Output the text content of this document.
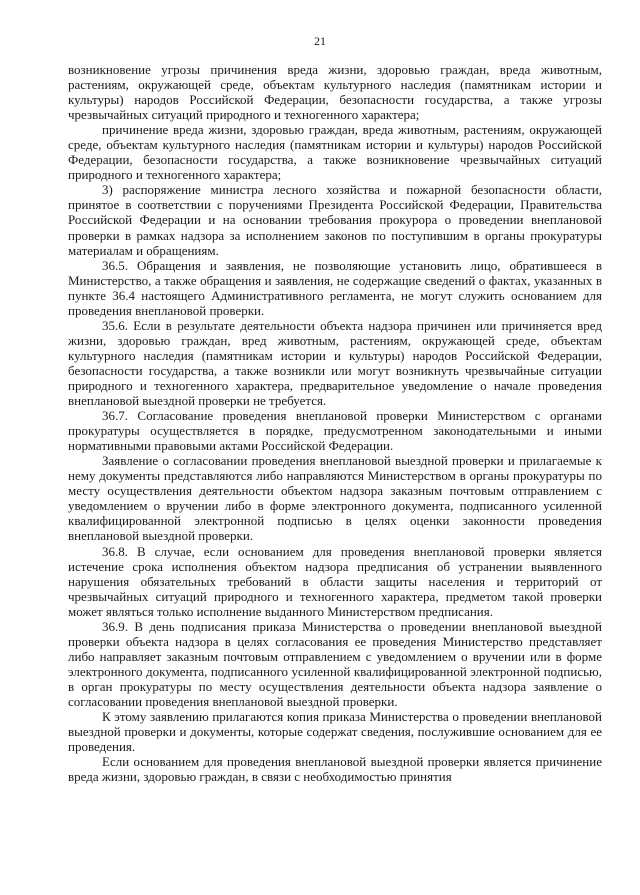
21

возникновение угрозы причинения вреда жизни, здоровью граждан, вреда животным, растениям, окружающей среде, объектам культурного наследия (памятникам истории и культуры) народов Российской Федерации, безопасности государства, а также угрозы чрезвычайных ситуаций природного и техногенного характера;

причинение вреда жизни, здоровью граждан, вреда животным, растениям, окружающей среде, объектам культурного наследия (памятникам истории и культуры) народов Российской Федерации, безопасности государства, а также возникновение чрезвычайных ситуаций природного и техногенного характера;

3) распоряжение министра лесного хозяйства и пожарной безопасности области, принятое в соответствии с поручениями Президента Российской Федерации, Правительства Российской Федерации и на основании требования прокурора о проведении внеплановой проверки в рамках надзора за исполнением законов по поступившим в органы прокуратуры материалам и обращениям.

36.5. Обращения и заявления, не позволяющие установить лицо, обратившееся в Министерство, а также обращения и заявления, не содержащие сведений о фактах, указанных в пункте 36.4 настоящего Административного регламента, не могут служить основанием для проведения внеплановой проверки.

35.6. Если в результате деятельности объекта надзора причинен или причиняется вред жизни, здоровью граждан, вред животным, растениям, окружающей среде, объектам культурного наследия (памятникам истории и культуры) народов Российской Федерации, безопасности государства, а также возникли или могут возникнуть чрезвычайные ситуации природного и техногенного характера, предварительное уведомление о начале проведения внеплановой выездной проверки не требуется.

36.7. Согласование проведения внеплановой проверки Министерством с органами прокуратуры осуществляется в порядке, предусмотренном законодательными и иными нормативными правовыми актами Российской Федерации.

Заявление о согласовании проведения внеплановой выездной проверки и прилагаемые к нему документы представляются либо направляются Министерством в органы прокуратуры по месту осуществления деятельности объектом надзора заказным почтовым отправлением с уведомлением о вручении либо в форме электронного документа, подписанного усиленной квалифицированной электронной подписью в целях оценки законности проведения внеплановой выездной проверки.

36.8. В случае, если основанием для проведения внеплановой проверки является истечение срока исполнения объектом надзора предписания об устранении выявленного нарушения обязательных требований в области защиты населения и территорий от чрезвычайных ситуаций природного и техногенного характера, предметом такой проверки может являться только исполнение выданного Министерством предписания.

36.9. В день подписания приказа Министерства о проведении внеплановой выездной проверки объекта надзора в целях согласования ее проведения Министерство представляет либо направляет заказным почтовым отправлением с уведомлением о вручении или в форме электронного документа, подписанного усиленной квалифицированной электронной подписью, в орган прокуратуры по месту осуществления деятельности объекта надзора заявление о согласовании проведения внеплановой выездной проверки.

К этому заявлению прилагаются копия приказа Министерства о проведении внеплановой выездной проверки и документы, которые содержат сведения, послужившие основанием для ее проведения.

Если основанием для проведения внеплановой выездной проверки является причинение вреда жизни, здоровью граждан, в связи с необходимостью принятия
